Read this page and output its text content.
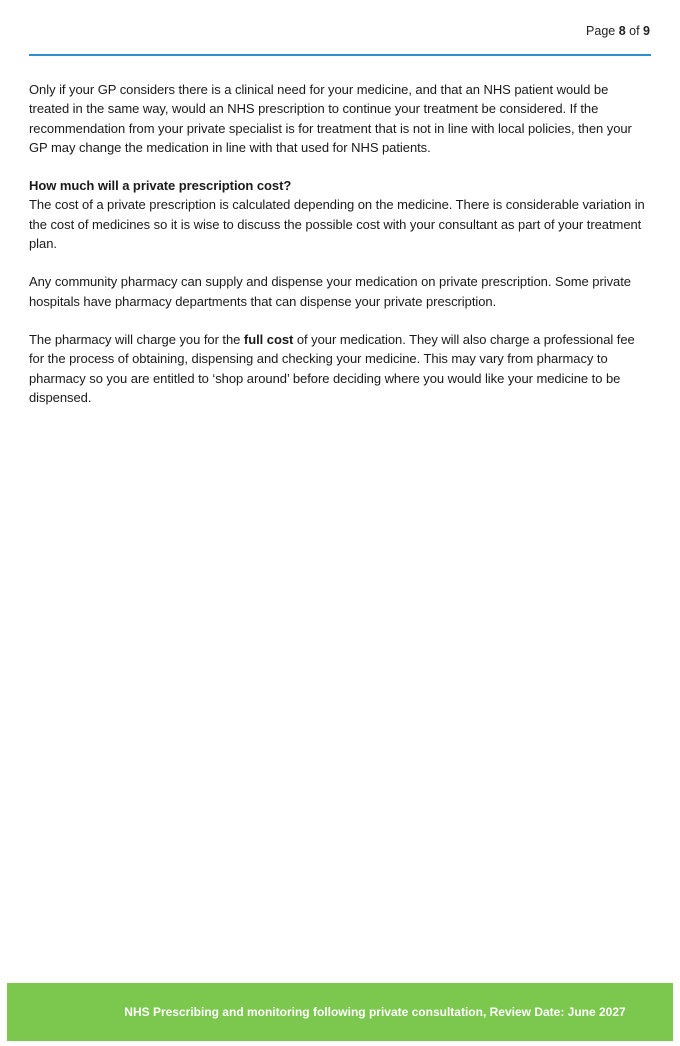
Page 8 of 9

Only if your GP considers there is a clinical need for your medicine, and that an NHS patient would be treated in the same way, would an NHS prescription to continue your treatment be considered. If the recommendation from your private specialist is for treatment that is not in line with local policies, then your GP may change the medication in line with that used for NHS patients.

How much will a private prescription cost?

The cost of a private prescription is calculated depending on the medicine. There is considerable variation in the cost of medicines so it is wise to discuss the possible cost with your consultant as part of your treatment plan.

Any community pharmacy can supply and dispense your medication on private prescription. Some private hospitals have pharmacy departments that can dispense your private prescription.

The pharmacy will charge you for the full cost of your medication. They will also charge a professional fee for the process of obtaining, dispensing and checking your medicine. This may vary from pharmacy to pharmacy so you are entitled to ‘shop around’ before deciding where you would like your medicine to be dispensed.

NHS Prescribing and monitoring following private consultation, Review Date: June 2027
